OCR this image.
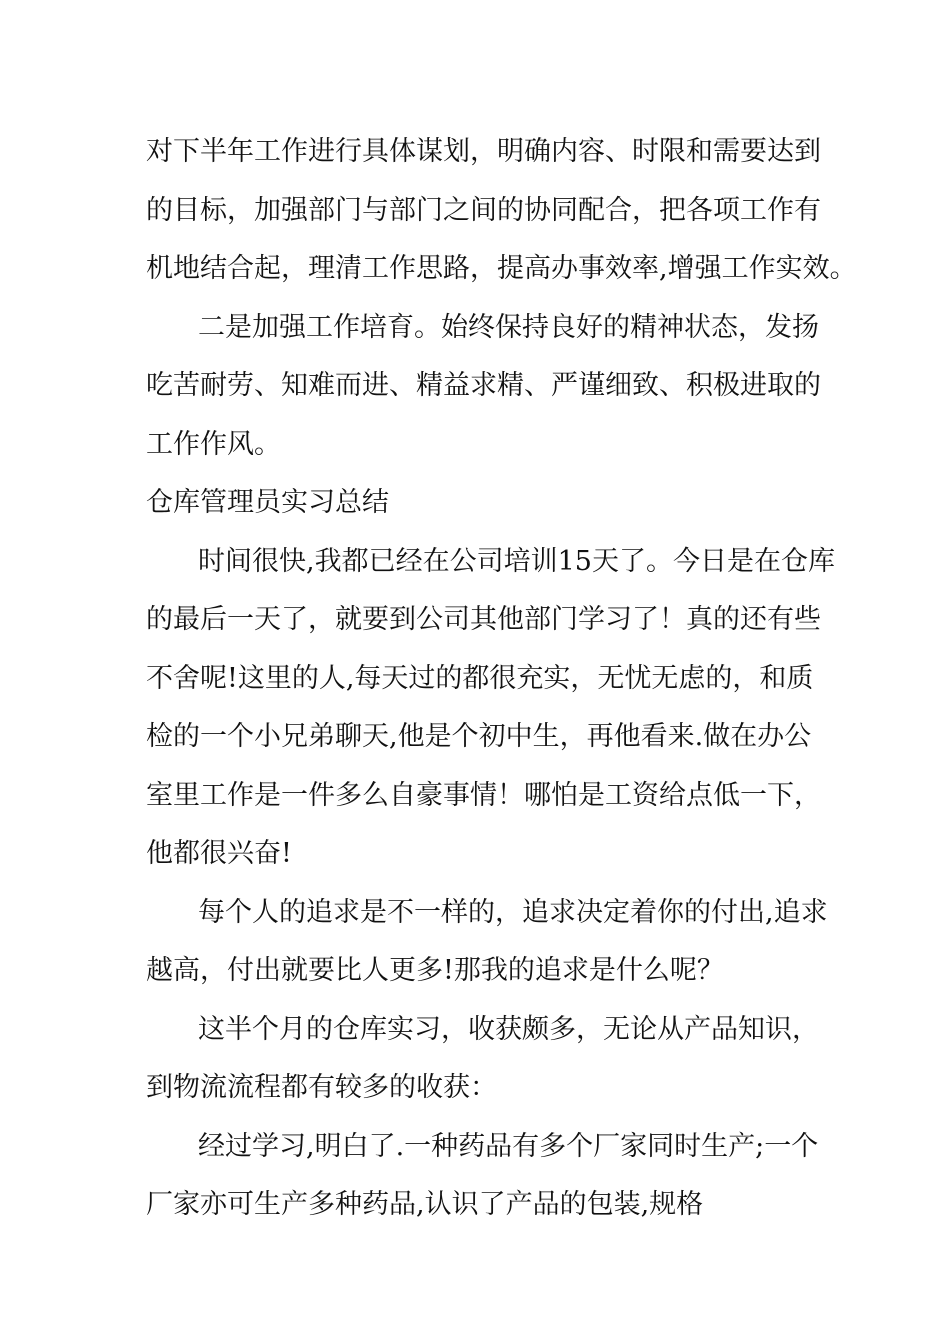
对下半年工作进行具体谋划，明确内容、时限和需要达到
的目标，加强部门与部门之间的协同配合，把各项工作有
机地结合起，理清工作思路，提高办事效率,增强工作实效。
二是加强工作培育。始终保持良好的精神状态，发扬
吃苦耐劳、知难而进、精益求精、严谨细致、积极进取的
工作作风。
仓库管理员实习总结
时间很快,我都已经在公司培训15天了。今日是在仓库
的最后一天了，就要到公司其他部门学习了！真的还有些
不舍呢!这里的人,每天过的都很充实，无忧无虑的，和质
检的一个小兄弟聊天,他是个初中生，再他看来.做在办公
室里工作是一件多么自豪事情！哪怕是工资给点低一下，
他都很兴奋!
每个人的追求是不一样的，追求决定着你的付出,追求
越高，付出就要比人更多!那我的追求是什么呢？
这半个月的仓库实习，收获颇多，无论从产品知识，
到物流流程都有较多的收获：
经过学习,明白了.一种药品有多个厂家同时生产;一个
厂家亦可生产多种药品,认识了产品的包装,规格
